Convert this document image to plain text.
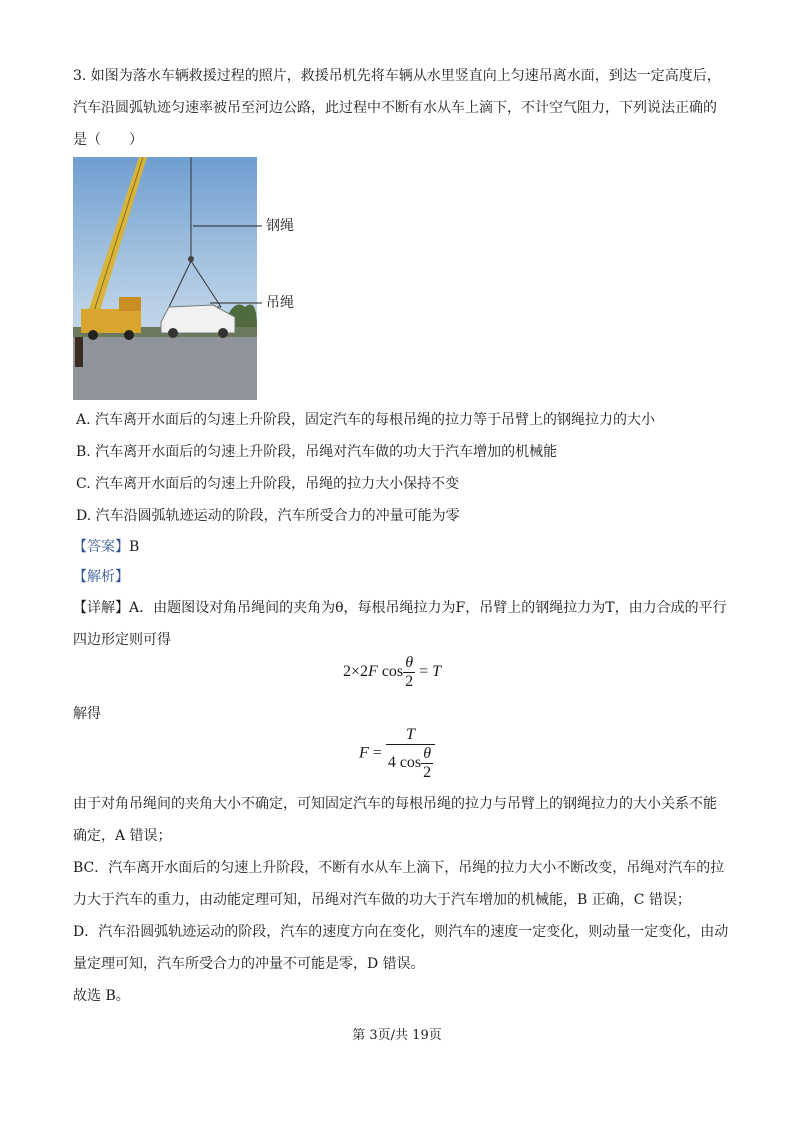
3. 如图为落水车辆救援过程的照片，救援吊机先将车辆从水里竖直向上匀速吊离水面，到达一定高度后，
汽车沿圆弧轨迹匀速率被吊至河边公路，此过程中不断有水从车上滴下，不计空气阻力，下列说法正确的
是（　　）
钢绳
吊绳
A. 汽车离开水面后的匀速上升阶段，固定汽车的每根吊绳的拉力等于吊臂上的钢绳拉力的大小
B. 汽车离开水面后的匀速上升阶段，吊绳对汽车做的功大于汽车增加的机械能
C. 汽车离开水面后的匀速上升阶段，吊绳的拉力大小保持不变
D. 汽车沿圆弧轨迹运动的阶段，汽车所受合力的冲量可能为零
【答案】B
【解析】
【详解】A．由题图设对角吊绳间的夹角为θ，每根吊绳拉力为F，吊臂上的钢绳拉力为T，由力合成的平行
四边形定则可得
2×2F $\cos \frac{\theta}{2} = T$
解得
$F = \frac{T}{4 \cos \frac{\theta}{2}}$
由于对角吊绳间的夹角大小不确定，可知固定汽车的每根吊绳的拉力与吊臂上的钢绳拉力的大小关系不能
确定，A 错误；
BC．汽车离开水面后的匀速上升阶段，不断有水从车上滴下，吊绳的拉力大小不断改变，吊绳对汽车的拉
力大于汽车的重力，由动能定理可知，吊绳对汽车做的功大于汽车增加的机械能，B 正确，C 错误；
D．汽车沿圆弧轨迹运动的阶段，汽车的速度方向在变化，则汽车的速度一定变化，则动量一定变化，由动
量定理可知，汽车所受合力的冲量不可能是零，D 错误。
故选 B。
第 3页/共 19页
